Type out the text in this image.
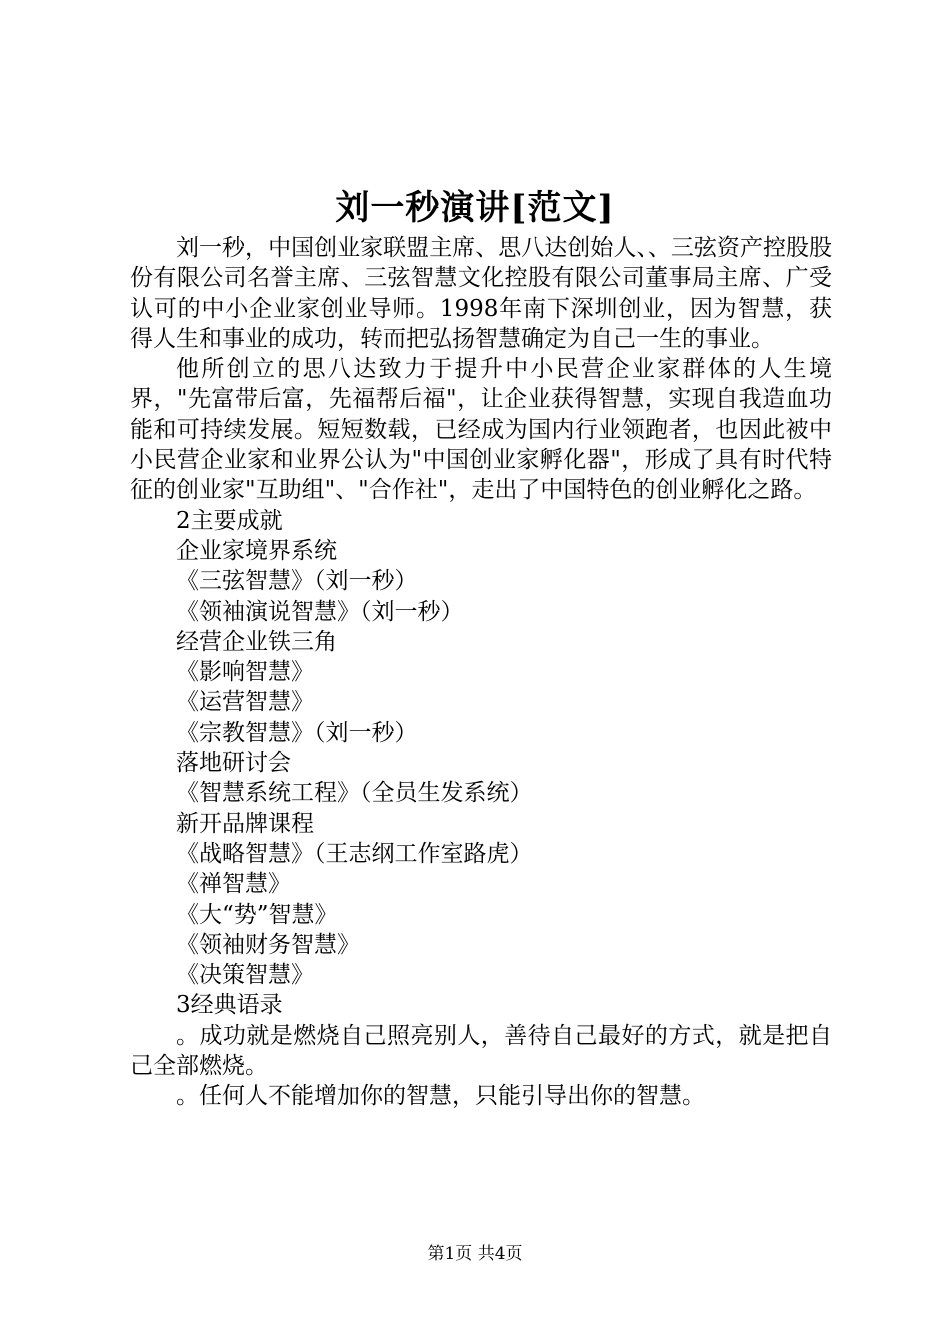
刘一秒演讲[范文]

刘一秒，中国创业家联盟主席、思八达创始人、、三弦资产控股股份有限公司名誉主席、三弦智慧文化控股有限公司董事局主席、广受认可的中小企业家创业导师。1998年南下深圳创业，因为智慧，获得人生和事业的成功，转而把弘扬智慧确定为自己一生的事业。

他所创立的思八达致力于提升中小民营企业家群体的人生境界，"先富带后富，先福帮后福"，让企业获得智慧，实现自我造血功能和可持续发展。短短数载，已经成为国内行业领跑者，也因此被中小民营企业家和业界公认为"中国创业家孵化器"，形成了具有时代特征的创业家"互助组"、"合作社"，走出了中国特色的创业孵化之路。

2主要成就

企业家境界系统

《三弦智慧》（刘一秒）

《领袖演说智慧》（刘一秒）

经营企业铁三角

《影响智慧》

《运营智慧》

《宗教智慧》（刘一秒）

落地研讨会

《智慧系统工程》（全员生发系统）

新开品牌课程

《战略智慧》（王志纲工作室路虎）

《禅智慧》

《大“势”智慧》

《领袖财务智慧》

《决策智慧》

3经典语录

。成功就是燃烧自己照亮别人，善待自己最好的方式，就是把自己全部燃烧。

。任何人不能增加你的智慧，只能引导出你的智慧。

第1页 共4页
